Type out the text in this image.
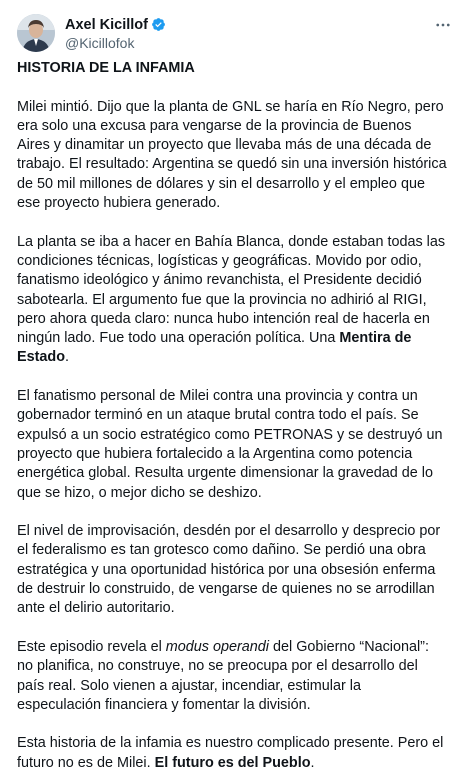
Axel Kicillof
@Kicillofok

HISTORIA DE LA INFAMIA

Milei mintió. Dijo que la planta de GNL se haría en Río Negro, pero era solo una excusa para vengarse de la provincia de Buenos Aires y dinamitar un proyecto que llevaba más de una década de trabajo. El resultado: Argentina se quedó sin una inversión histórica de 50 mil millones de dólares y sin el desarrollo y el empleo que ese proyecto hubiera generado.

La planta se iba a hacer en Bahía Blanca, donde estaban todas las condiciones técnicas, logísticas y geográficas. Movido por odio, fanatismo ideológico y ánimo revanchista, el Presidente decidió sabotearla. El argumento fue que la provincia no adhirió al RIGI, pero ahora queda claro: nunca hubo intención real de hacerla en ningún lado. Fue todo una operación política. Una Mentira de Estado.

El fanatismo personal de Milei contra una provincia y contra un gobernador terminó en un ataque brutal contra todo el país. Se expulsó a un socio estratégico como PETRONAS y se destruyó un proyecto que hubiera fortalecido a la Argentina como potencia energética global. Resulta urgente dimensionar la gravedad de lo que se hizo, o mejor dicho se deshizo.

El nivel de improvisación, desdén por el desarrollo y desprecio por el federalismo es tan grotesco como dañino. Se perdió una obra estratégica y una oportunidad histórica por una obsesión enferma de destruir lo construido, de vengarse de quienes no se arrodillan ante el delirio autoritario.

Este episodio revela el modus operandi del Gobierno “Nacional”: no planifica, no construye, no se preocupa por el desarrollo del país real. Solo vienen a ajustar, incendiar, estimular la especulación financiera y fomentar la división.

Esta historia de la infamia es nuestro complicado presente. Pero el futuro no es de Milei. El futuro es del Pueblo.
